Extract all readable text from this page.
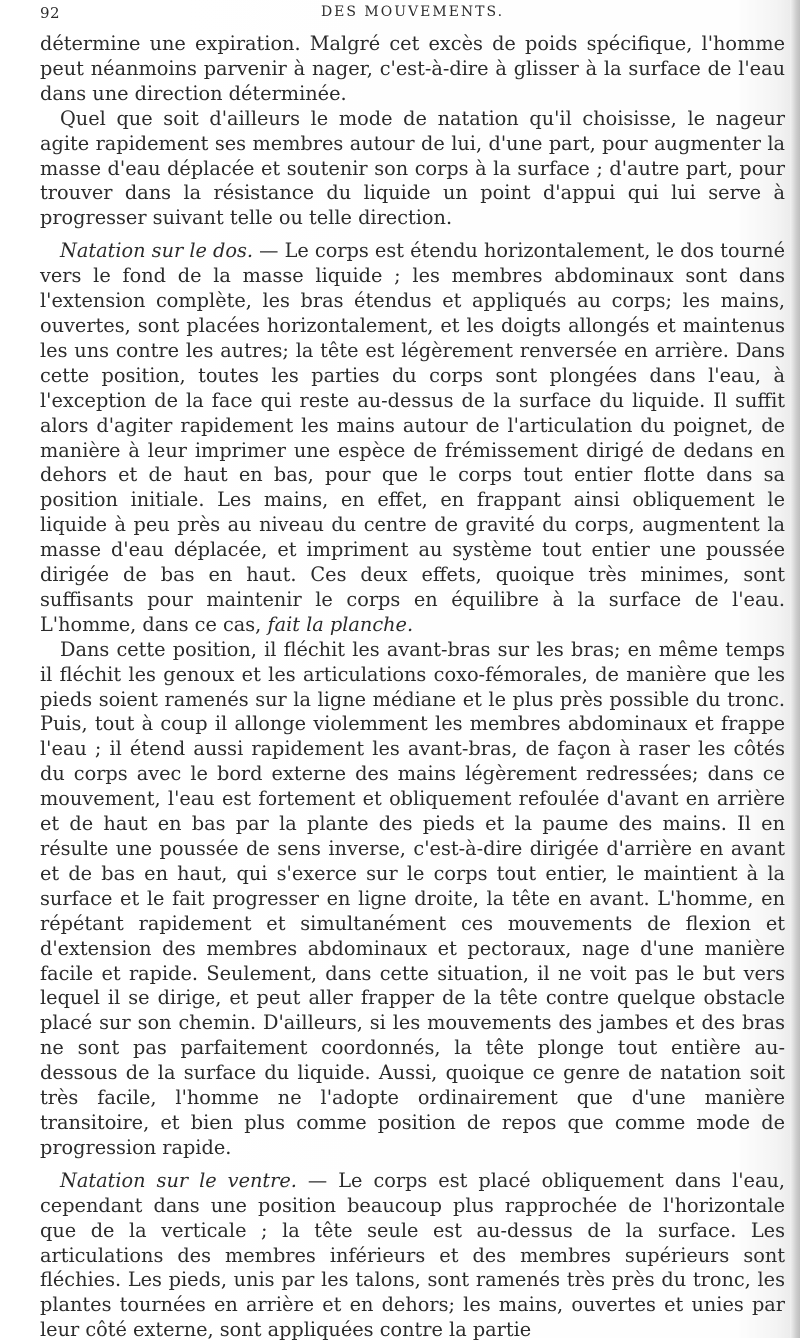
92	DES MOUVEMENTS.

détermine une expiration. Malgré cet excès de poids spécifique, l'homme peut néanmoins parvenir à nager, c'est-à-dire à glisser à la surface de l'eau dans une direction déterminée.

Quel que soit d'ailleurs le mode de natation qu'il choisisse, le nageur agite rapidement ses membres autour de lui, d'une part, pour augmenter la masse d'eau déplacée et soutenir son corps à la surface ; d'autre part, pour trouver dans la résistance du liquide un point d'appui qui lui serve à progresser suivant telle ou telle direction.

Natation sur le dos. — Le corps est étendu horizontalement, le dos tourné vers le fond de la masse liquide ; les membres abdominaux sont dans l'extension complète, les bras étendus et appliqués au corps; les mains, ouvertes, sont placées horizontalement, et les doigts allongés et maintenus les uns contre les autres; la tête est légèrement renversée en arrière. Dans cette position, toutes les parties du corps sont plongées dans l'eau, à l'exception de la face qui reste au-dessus de la surface du liquide. Il suffit alors d'agiter rapidement les mains autour de l'articulation du poignet, de manière à leur imprimer une espèce de frémissement dirigé de dedans en dehors et de haut en bas, pour que le corps tout entier flotte dans sa position initiale. Les mains, en effet, en frappant ainsi obliquement le liquide à peu près au niveau du centre de gravité du corps, augmentent la masse d'eau déplacée, et impriment au système tout entier une poussée dirigée de bas en haut. Ces deux effets, quoique très minimes, sont suffisants pour maintenir le corps en équilibre à la surface de l'eau. L'homme, dans ce cas, fait la planche.

Dans cette position, il fléchit les avant-bras sur les bras; en même temps il fléchit les genoux et les articulations coxo-fémorales, de manière que les pieds soient ramenés sur la ligne médiane et le plus près possible du tronc. Puis, tout à coup il allonge violemment les membres abdominaux et frappe l'eau ; il étend aussi rapidement les avant-bras, de façon à raser les côtés du corps avec le bord externe des mains légèrement redressées; dans ce mouvement, l'eau est fortement et obliquement refoulée d'avant en arrière et de haut en bas par la plante des pieds et la paume des mains. Il en résulte une poussée de sens inverse, c'est-à-dire dirigée d'arrière en avant et de bas en haut, qui s'exerce sur le corps tout entier, le maintient à la surface et le fait progresser en ligne droite, la tête en avant. L'homme, en répétant rapidement et simultanément ces mouvements de flexion et d'extension des membres abdominaux et pectoraux, nage d'une manière facile et rapide. Seulement, dans cette situation, il ne voit pas le but vers lequel il se dirige, et peut aller frapper de la tête contre quelque obstacle placé sur son chemin. D'ailleurs, si les mouvements des jambes et des bras ne sont pas parfaitement coordonnés, la tête plonge tout entière au-dessous de la surface du liquide. Aussi, quoique ce genre de natation soit très facile, l'homme ne l'adopte ordinairement que d'une manière transitoire, et bien plus comme position de repos que comme mode de progression rapide.

Natation sur le ventre. — Le corps est placé obliquement dans l'eau, cependant dans une position beaucoup plus rapprochée de l'horizontale que de la verticale ; la tête seule est au-dessus de la surface. Les articulations des membres inférieurs et des membres supérieurs sont fléchies. Les pieds, unis par les talons, sont ramenés très près du tronc, les plantes tournées en arrière et en dehors; les mains, ouvertes et unies par leur côté externe, sont appliquées contre la partie
